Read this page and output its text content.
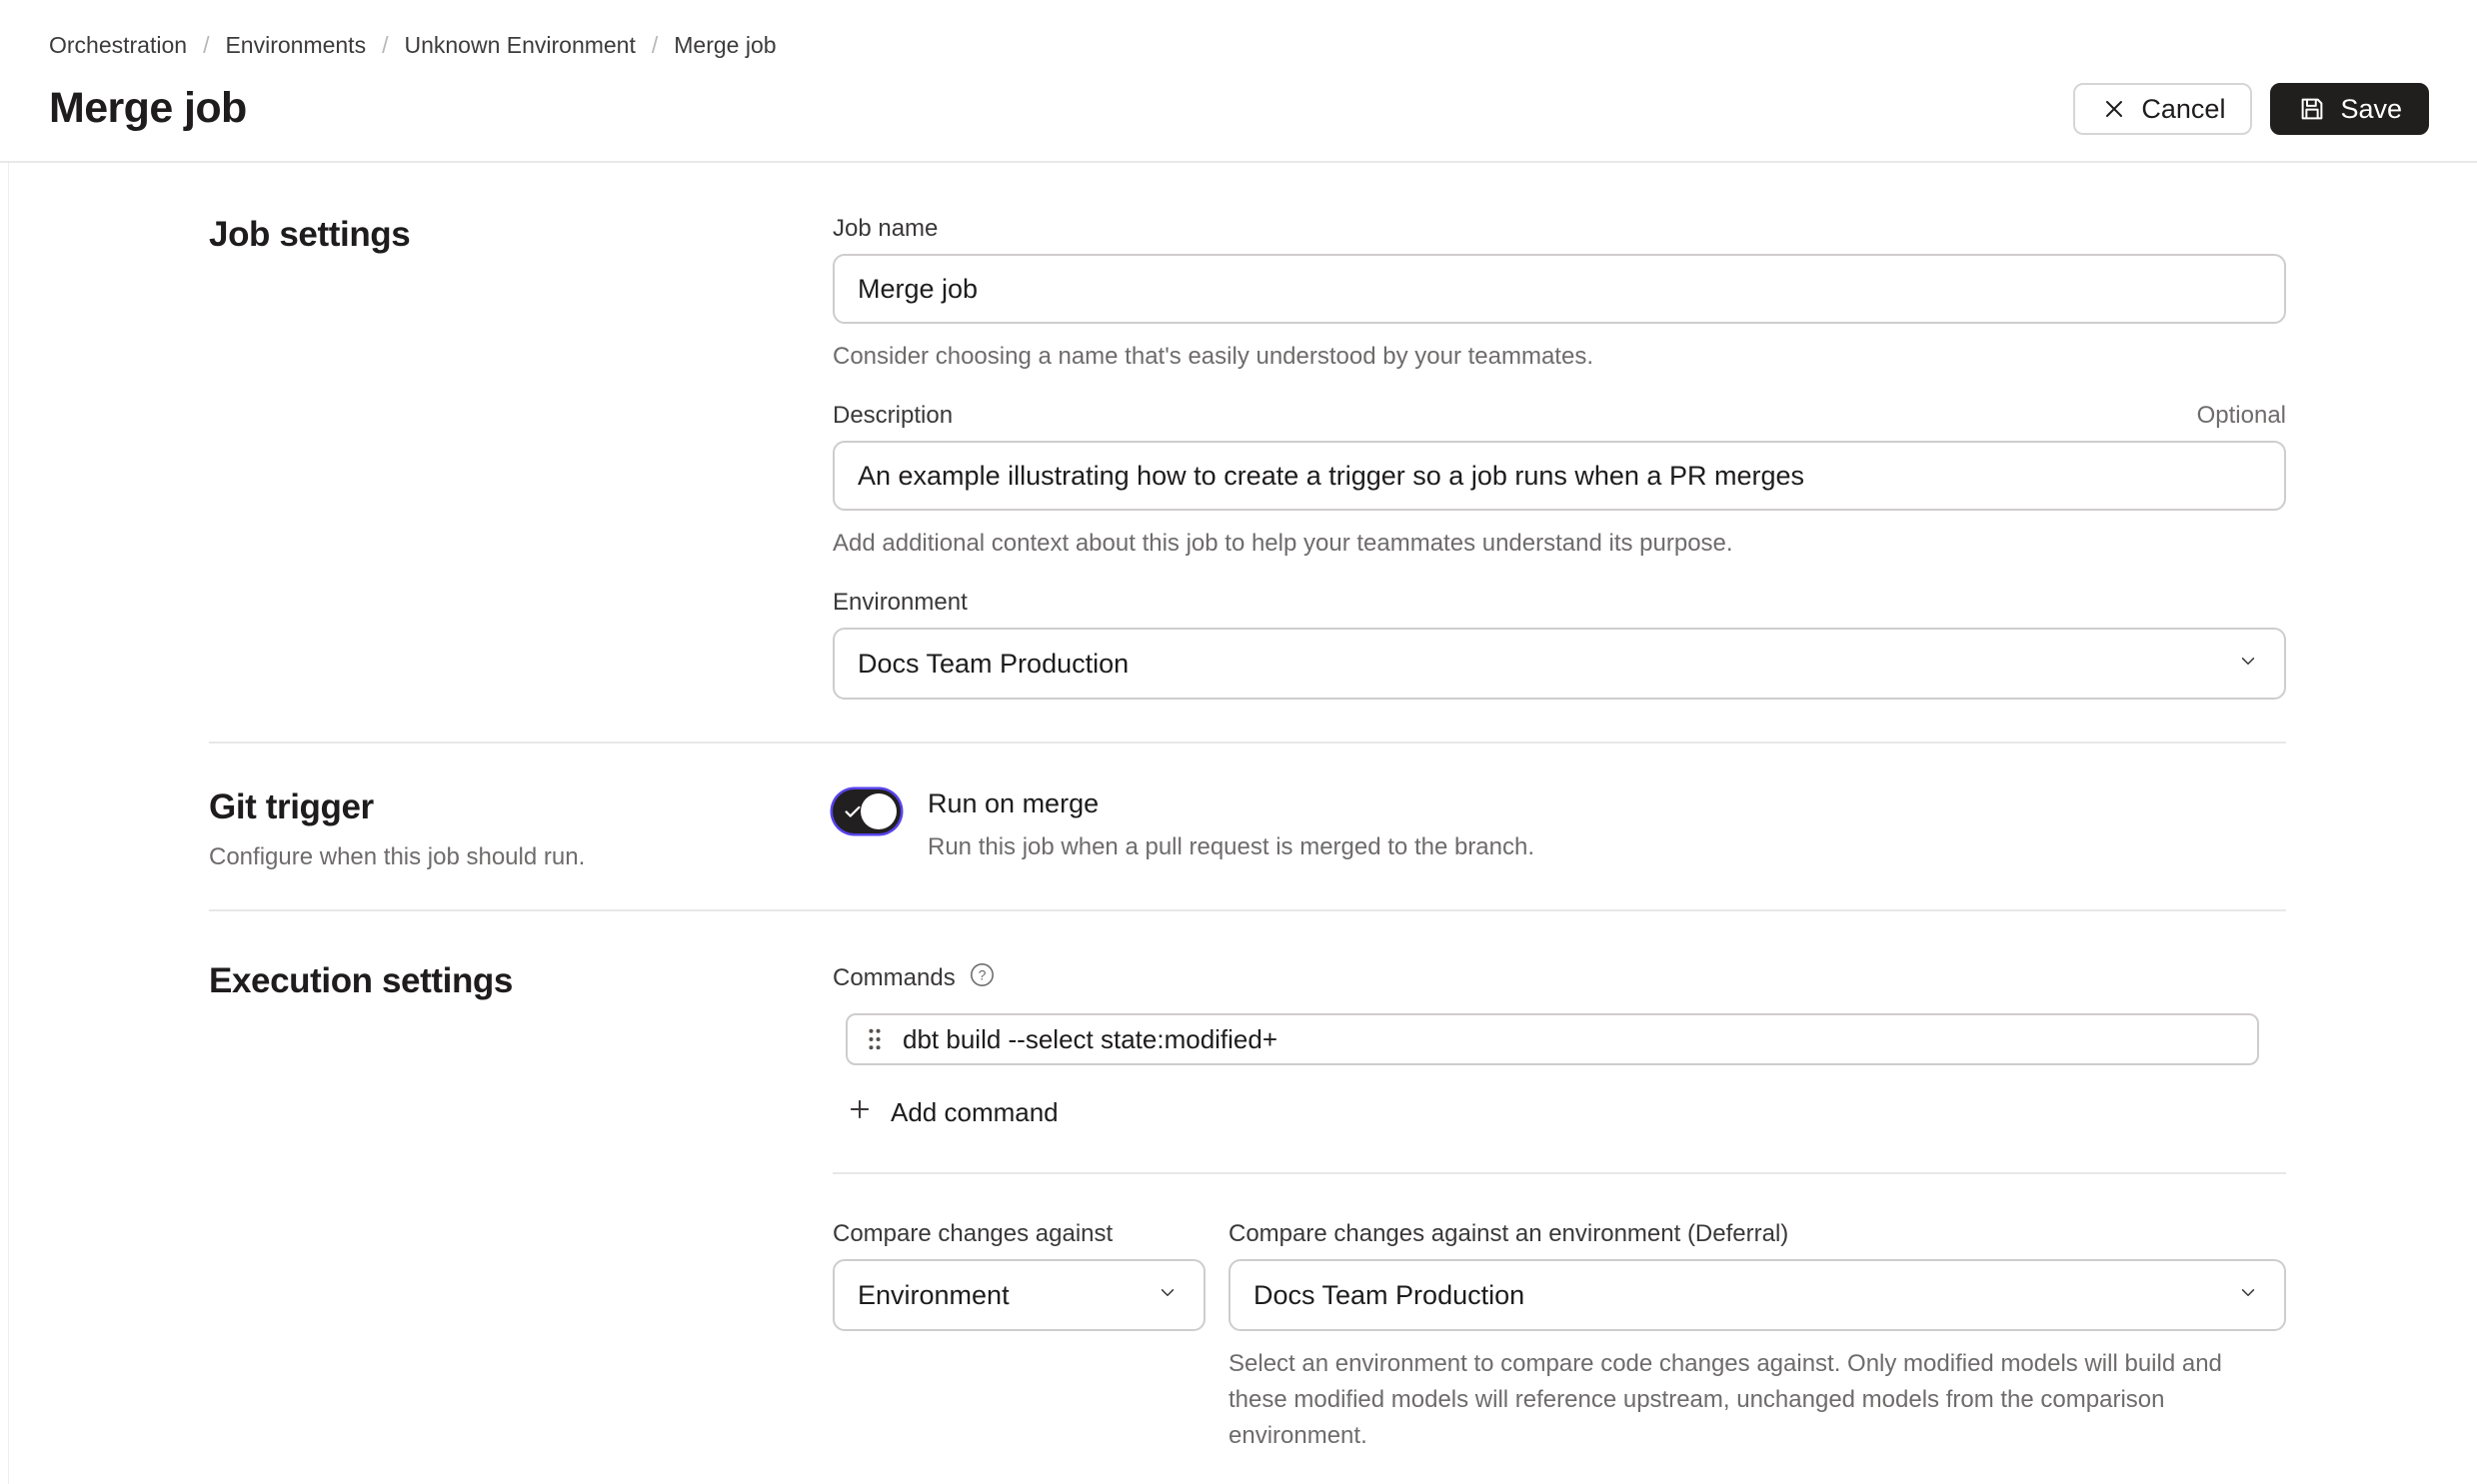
Orchestration / Environments / Unknown Environment / Merge job
Merge job	Cancel	Save
Job settings	Job name
Merge job
Consider choosing a name that's easily understood by your teammates.
Description	Optional
An example illustrating how to create a trigger so a job runs when a PR merges
Add additional context about this job to help your teammates understand its purpose.
Environment
Docs Team Production
Git trigger
Configure when this job should run.
Run on merge
Run this job when a pull request is merged to the branch.
Execution settings	Commands ?
dbt build --select state:modified+
Add command
Compare changes against
Environment
Compare changes against an environment (Deferral)
Docs Team Production
Select an environment to compare code changes against. Only modified models will build and these modified models will reference upstream, unchanged models from the comparison environment.
